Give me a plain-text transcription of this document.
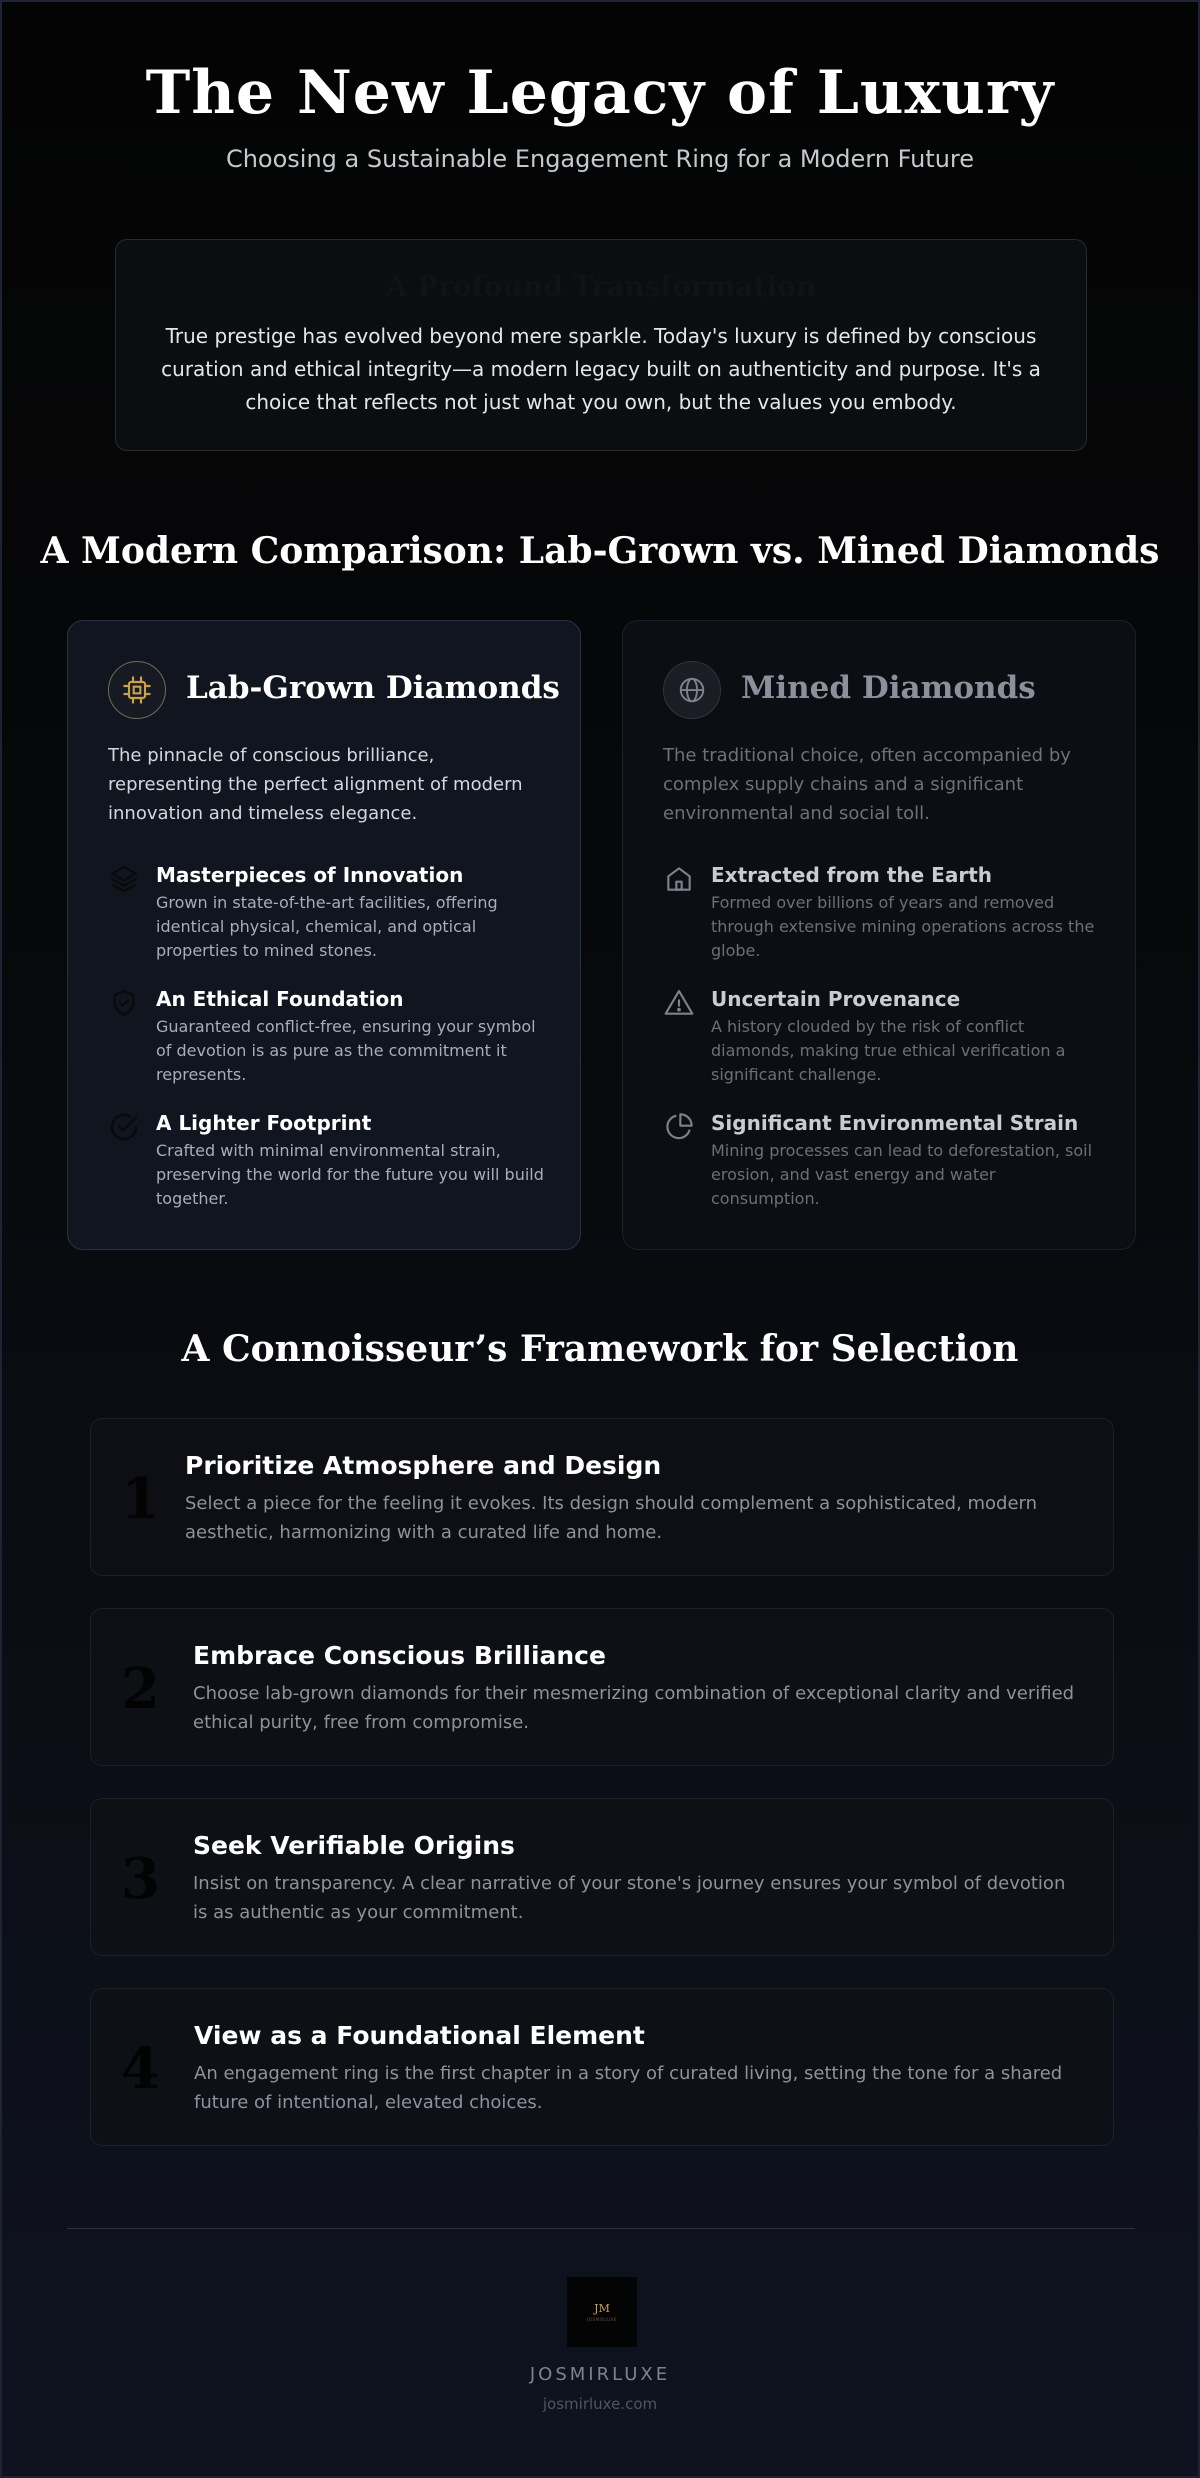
The New Legacy of Luxury

Choosing a Sustainable Engagement Ring for a Modern Future

A Profound Transformation

True prestige has evolved beyond mere sparkle. Today's luxury is defined by conscious curation and ethical integrity—a modern legacy built on authenticity and purpose. It's a choice that reflects not just what you own, but the values you embody.

A Modern Comparison: Lab-Grown vs. Mined Diamonds
Lab-Grown Diamonds

The pinnacle of conscious brilliance, representing the perfect alignment of modern innovation and timeless elegance.

Masterpieces of Innovation

Grown in state-of-the-art facilities, offering identical physical, chemical, and optical properties to mined stones.

An Ethical Foundation

Guaranteed conflict-free, ensuring your symbol of devotion is as pure as the commitment it represents.

A Lighter Footprint

Crafted with minimal environmental strain, preserving the world for the future you will build together.

Mined Diamonds

The traditional choice, often accompanied by complex supply chains and a significant environmental and social toll.

Extracted from the Earth

Formed over billions of years and removed through extensive mining operations across the globe.

Uncertain Provenance

A history clouded by the risk of conflict diamonds, making true ethical verification a significant challenge.

Significant Environmental Strain

Mining processes can lead to deforestation, soil erosion, and vast energy and water consumption.

A Connoisseur’s Framework for Selection

1

Prioritize Atmosphere and Design

Select a piece for the feeling it evokes. Its design should complement a sophisticated, modern aesthetic, harmonizing with a curated life and home.

2

Embrace Conscious Brilliance

Choose lab-grown diamonds for their mesmerizing combination of exceptional clarity and verified ethical purity, free from compromise.

3

Seek Verifiable Origins

Insist on transparency. A clear narrative of your stone's journey ensures your symbol of devotion is as authentic as your commitment.

4

View as a Foundational Element

An engagement ring is the first chapter in a story of curated living, setting the tone for a shared future of intentional, elevated choices.

JM
JOSMIRLUXE

JOSMIRLUXE

josmirluxe.com
